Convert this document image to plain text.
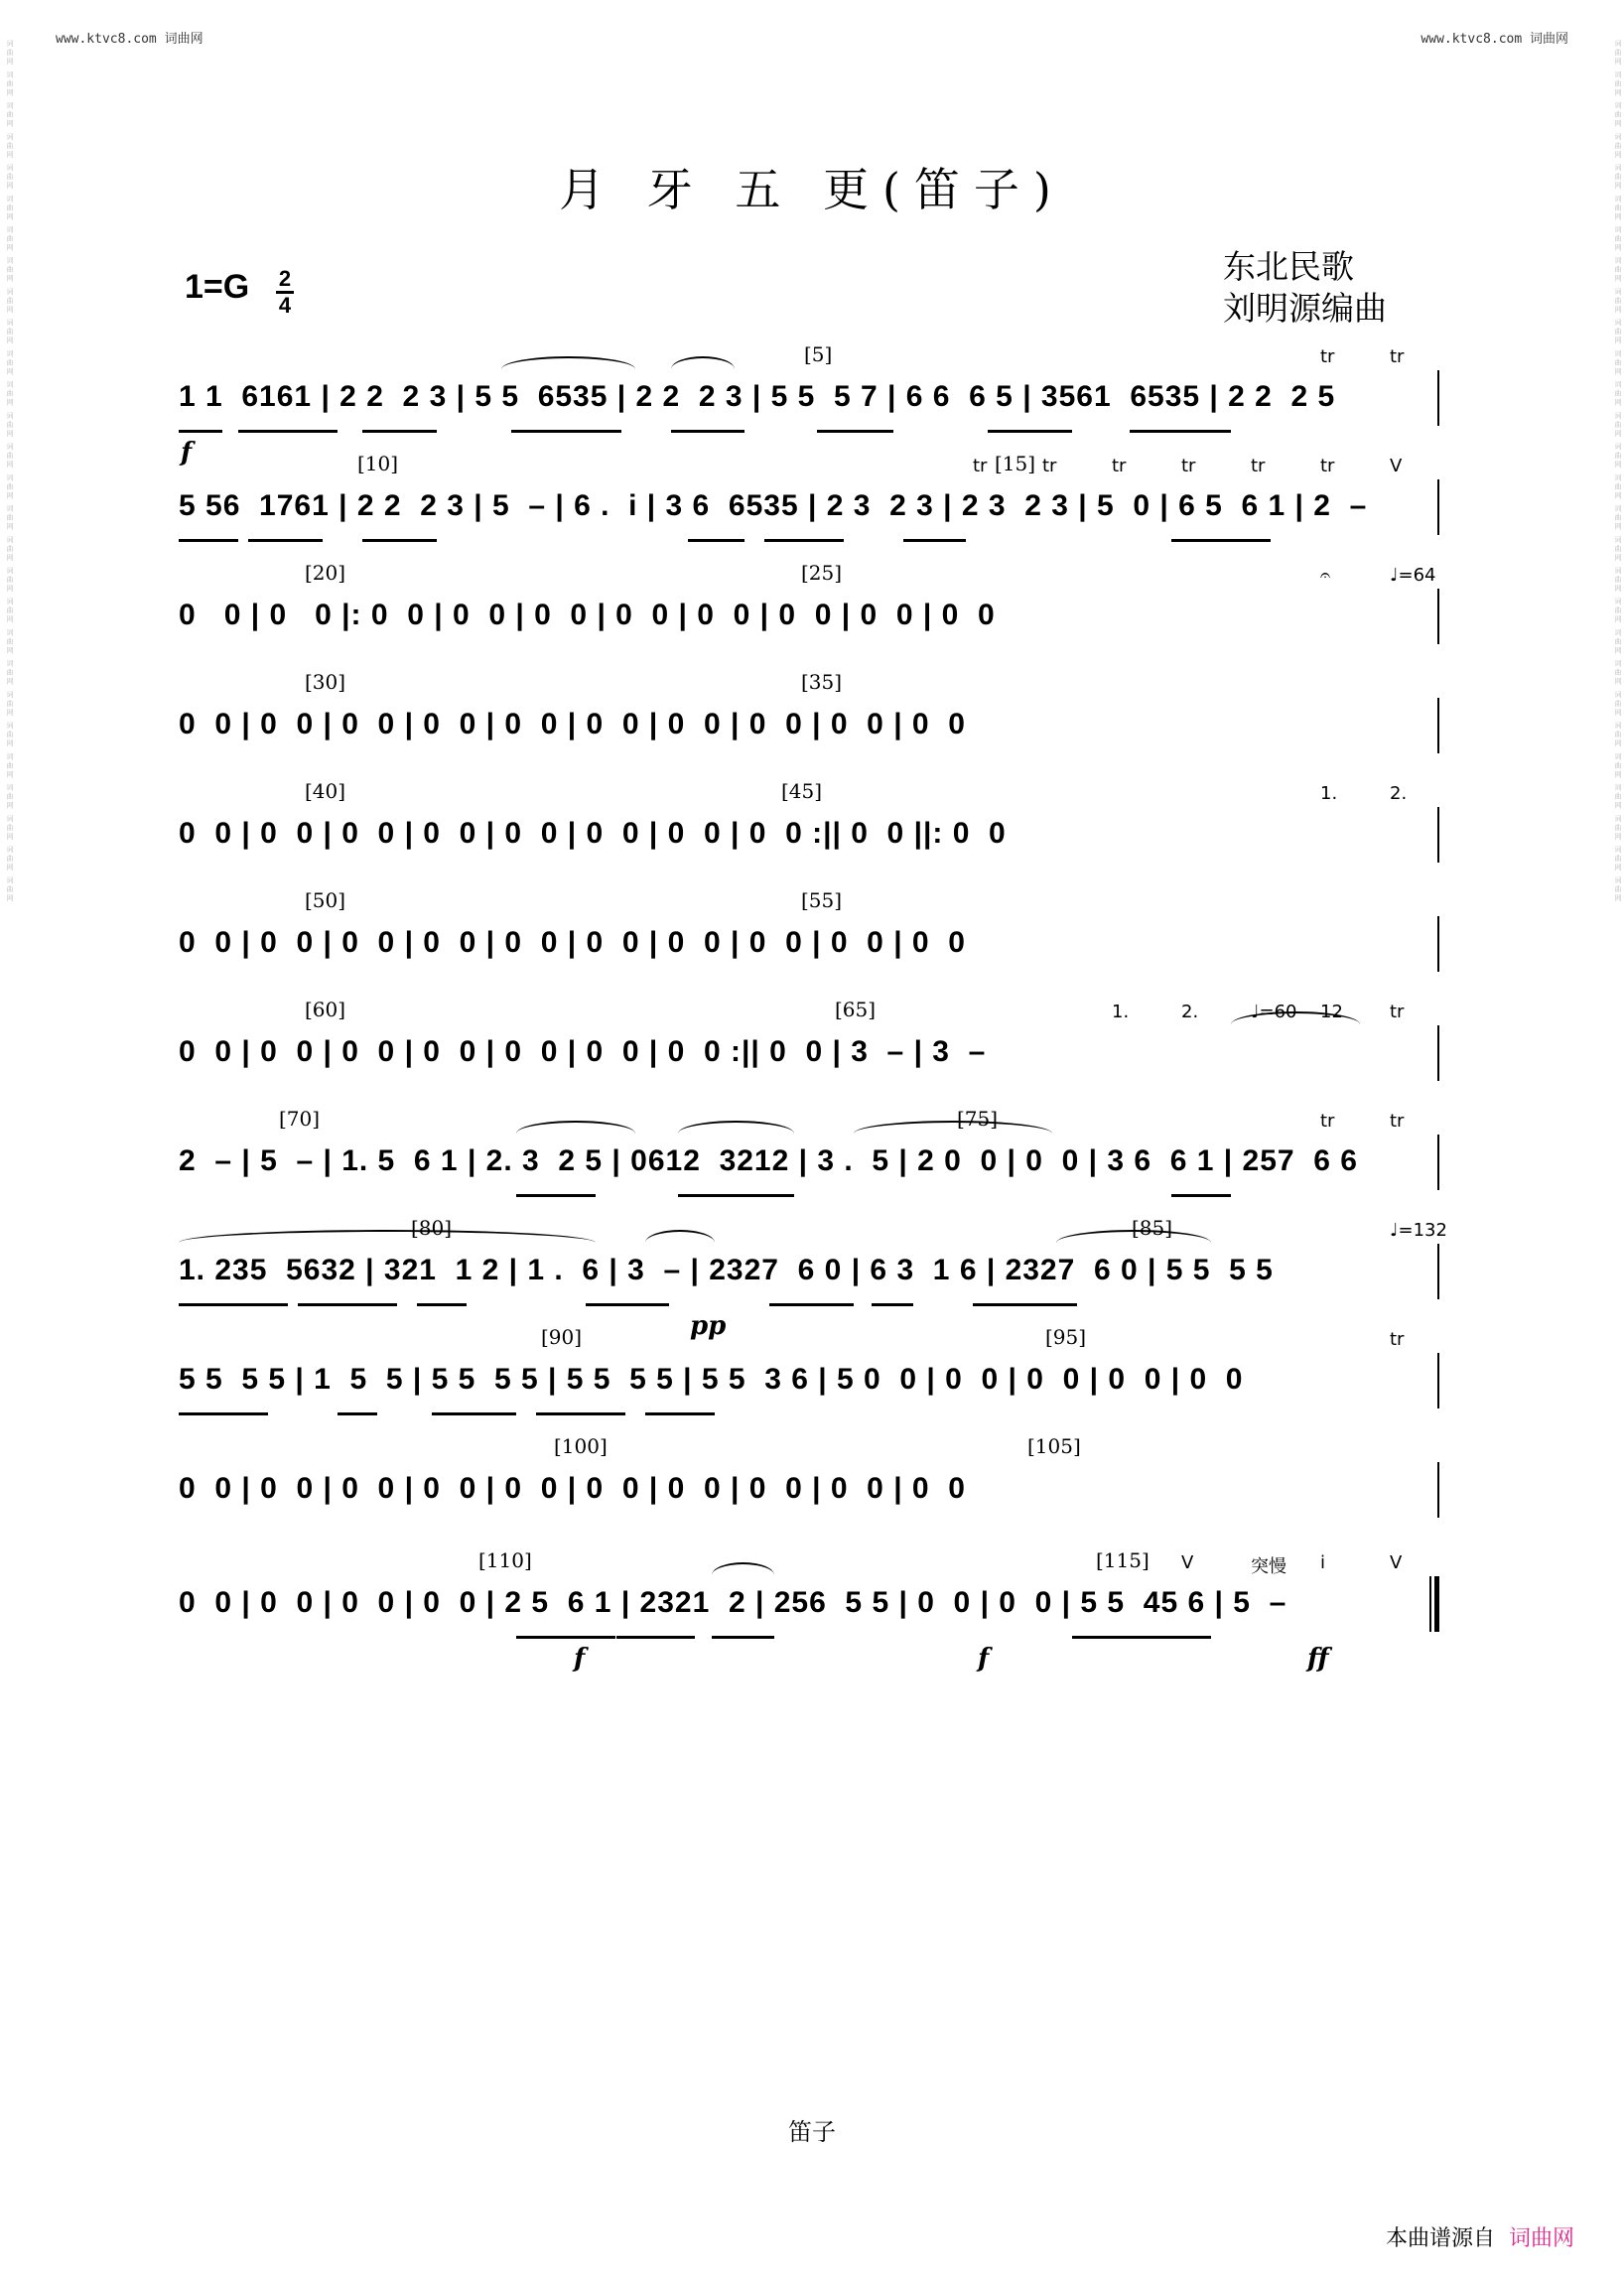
www.ktvc8.com 词曲网	www.ktvc8.com 词曲网
词曲网 词曲网 词曲网 词曲网 词曲网 词曲网 词曲网 词曲网 词曲网 词曲网 词曲网 词曲网 词曲网 词曲网 词曲网 词曲网 词曲网 词曲网 词曲网 词曲网 词曲网 词曲网 词曲网 词曲网 词曲网 词曲网 词曲网 词曲网	词曲网 词曲网 词曲网 词曲网 词曲网 词曲网 词曲网 词曲网 词曲网 词曲网 词曲网 词曲网 词曲网 词曲网 词曲网 词曲网 词曲网 词曲网 词曲网 词曲网 词曲网 词曲网 词曲网 词曲网 词曲网 词曲网 词曲网 词曲网
月 牙 五 更(笛子)
1=G 2
4
东北民歌
刘明源编曲
1 1  6161 | 2 2  2 3 | 5 5  6535 | 2 2  2 3 | 5 5  5 7 | 6 6  6 5 | 3561  6535 | 2 2  2 5
[5]
f
tr	tr
5 56  1761 | 2 2  2 3 | 5  – | 6 .  i | 3 6  6535 | 2 3  2 3 | 2 3  2 3 | 5  0 | 6 5  6 1 | 2  –
[10]	[15]
tr	tr	tr	tr	tr	tr	V
0   0 | 0   0 |: 0  0 | 0  0 | 0  0 | 0  0 | 0  0 | 0  0 | 0  0 | 0  0
[20]	[25]	𝄐	♩=64
0  0 | 0  0 | 0  0 | 0  0 | 0  0 | 0  0 | 0  0 | 0  0 | 0  0 | 0  0
[30]	[35]
0  0 | 0  0 | 0  0 | 0  0 | 0  0 | 0  0 | 0  0 | 0  0 :|| 0  0 ||: 0  0
[40]	[45]	1.	2.
0  0 | 0  0 | 0  0 | 0  0 | 0  0 | 0  0 | 0  0 | 0  0 | 0  0 | 0  0
[50]	[55]
0  0 | 0  0 | 0  0 | 0  0 | 0  0 | 0  0 | 0  0 :|| 0  0 | 3  – | 3  –
[60]	[65]	1.	2.	♩=60 12	tr
2  – | 5  – | 1. 5  6 1 | 2. 3  2 5 | 0612  3212 | 3 .  5 | 2 0  0 | 0  0 | 3 6  6 1 | 257  6 6
[70]	[75]	tr	tr
1. 235  5632 | 321  1 2 | 1 .  6 | 3  – | 2327  6 0 | 6 3  1 6 | 2327  6 0 | 5 5  5 5
[80]	[85]
pp
♩=132
5 5  5 5 | 1  5  5 | 5 5  5 5 | 5 5  5 5 | 5 5  3 6 | 5 0  0 | 0  0 | 0  0 | 0  0 | 0  0
[90]	[95]	tr
0  0 | 0  0 | 0  0 | 0  0 | 0  0 | 0  0 | 0  0 | 0  0 | 0  0 | 0  0
[100]	[105]
0  0 | 0  0 | 0  0 | 0  0 | 2 5  6 1 | 2321  2 | 256  5 5 | 0  0 | 0  0 | 5 5  45 6 | 5  –
[110]	[115]
f	f	ff
V	突慢 i	V
笛子
本曲谱源自 词曲网
